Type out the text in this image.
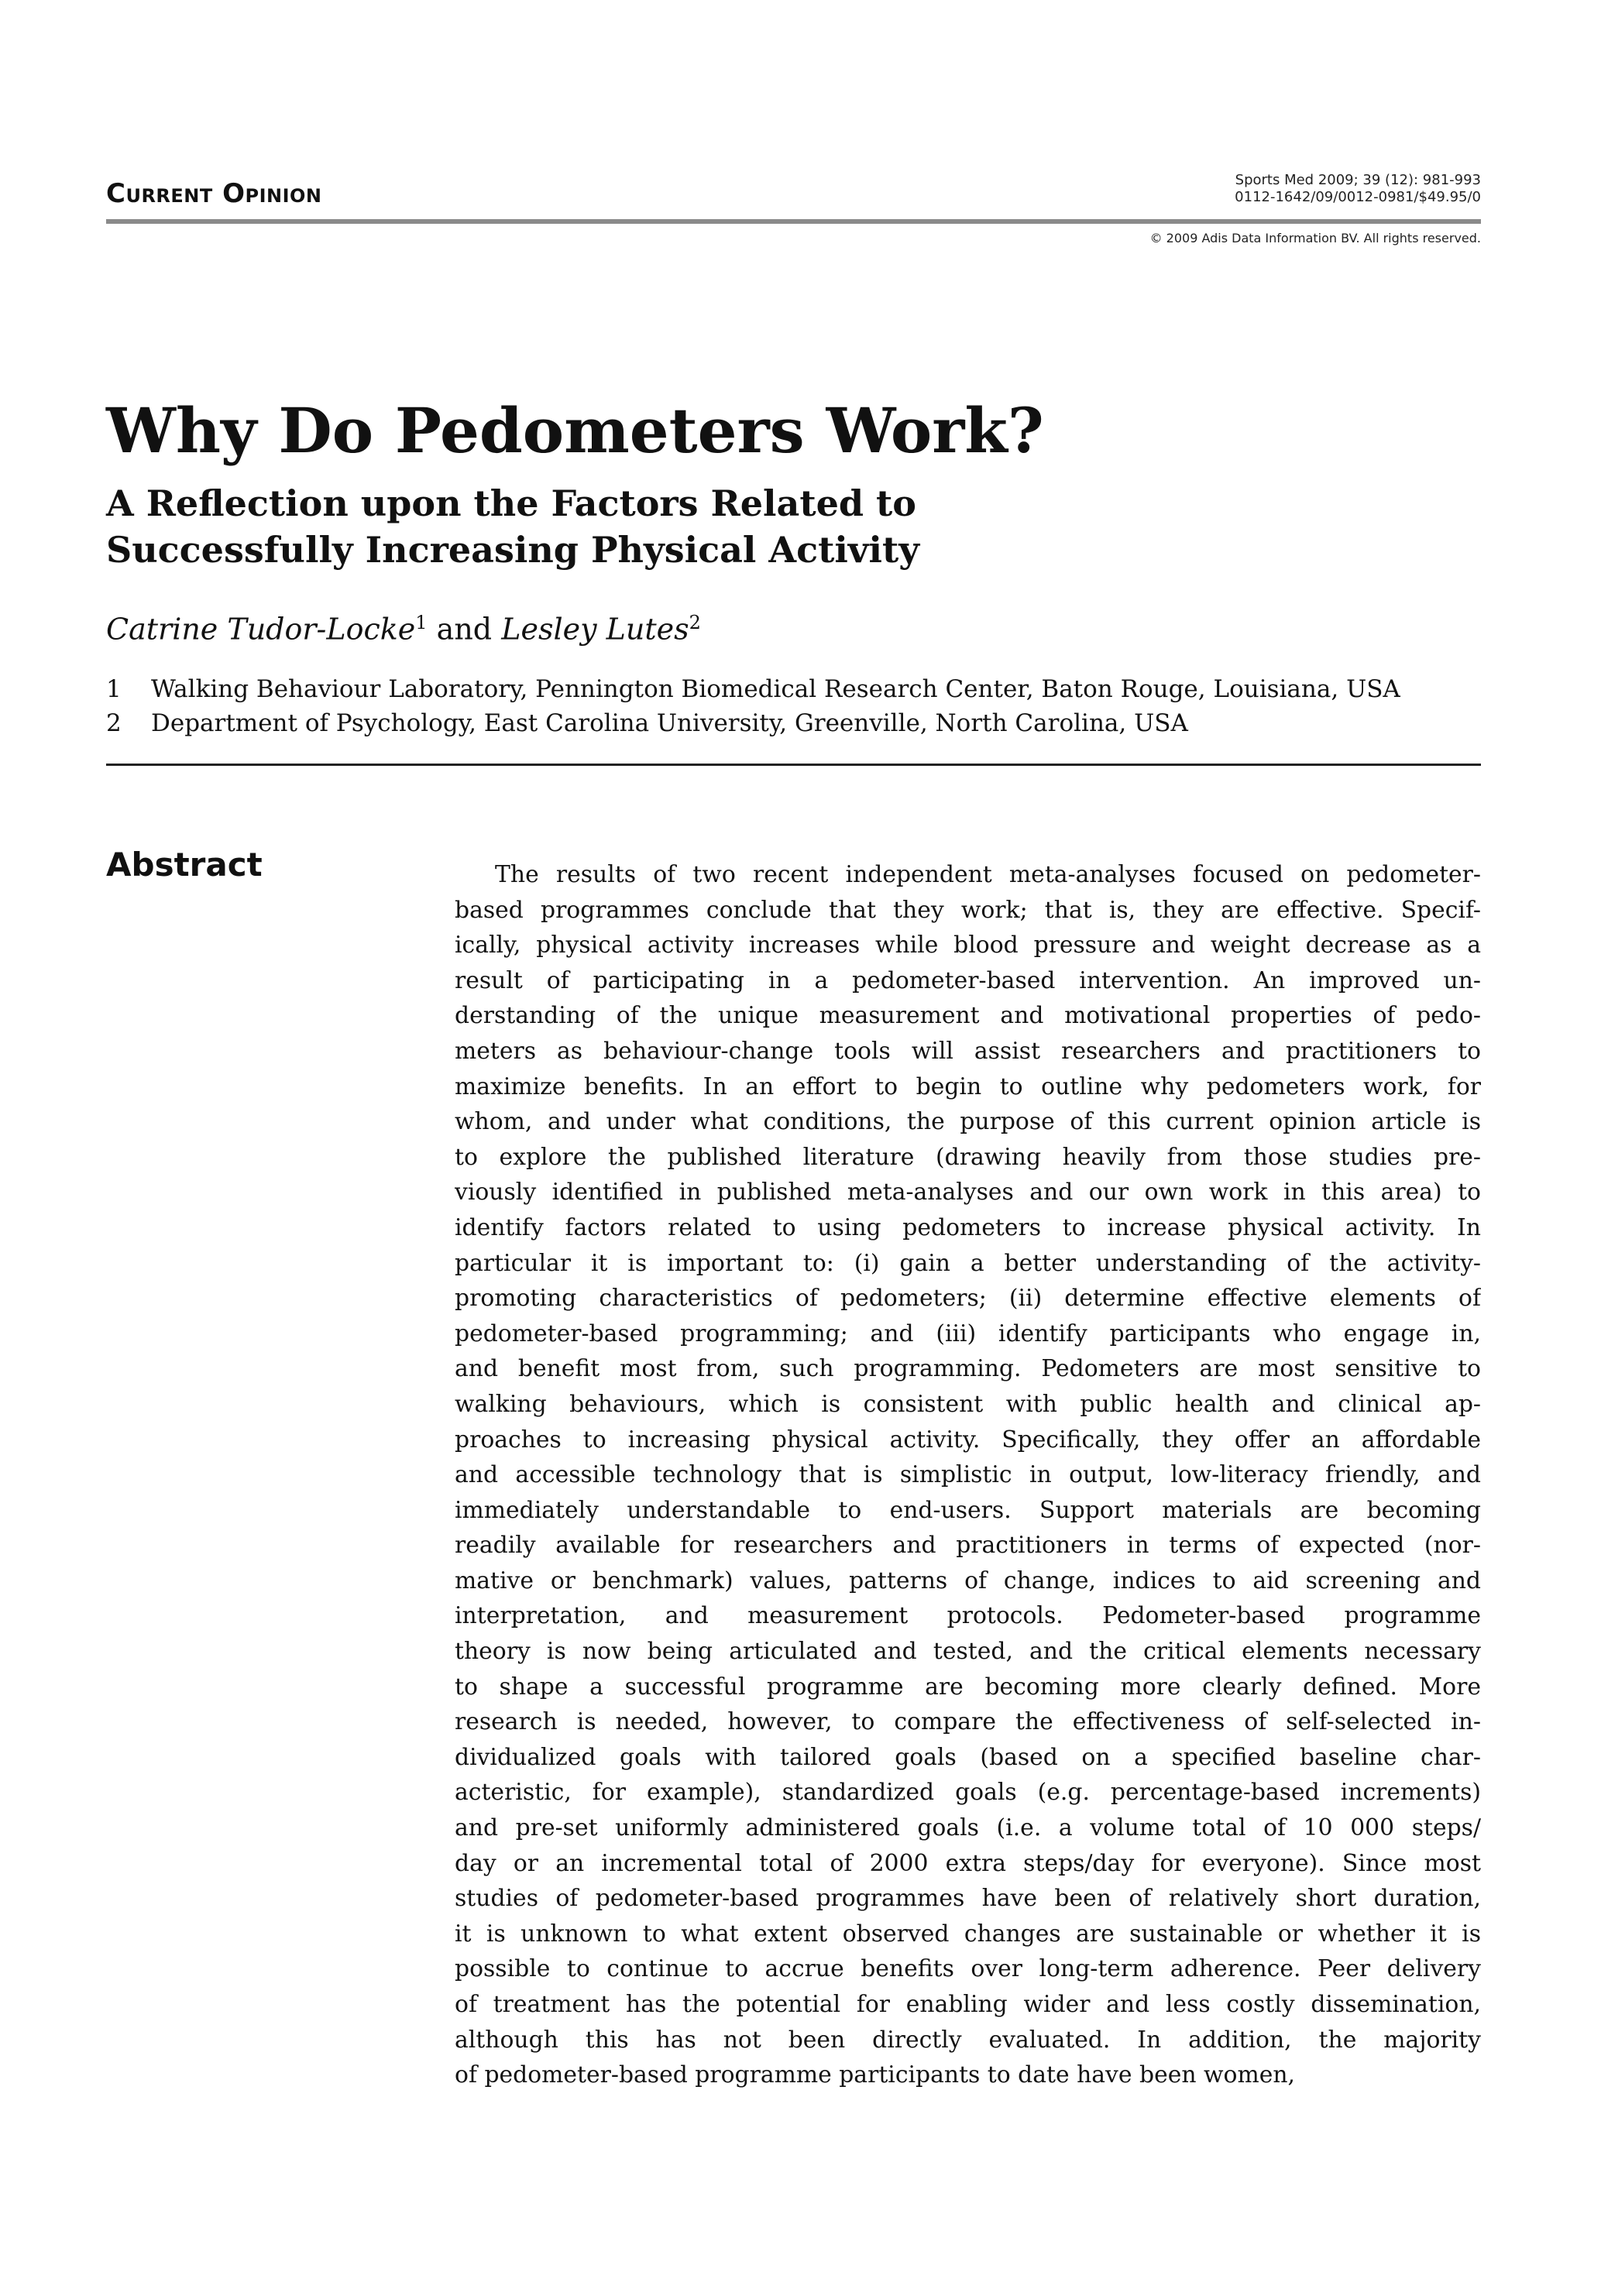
Current Opinion	Sports Med 2009; 39 (12): 981-993
0112-1642/09/0012-0981/$49.95/0
© 2009 Adis Data Information BV. All rights reserved.
Why Do Pedometers Work?
A Reflection upon the Factors Related to
Successfully Increasing Physical Activity
Catrine Tudor-Locke$^1$ and Lesley Lutes$^2$
1	Walking Behaviour Laboratory, Pennington Biomedical Research Center, Baton Rouge, Louisiana, USA
2	Department of Psychology, East Carolina University, Greenville, North Carolina, USA
Abstract	The results of two recent independent meta-analyses focused on pedometer-
based programmes conclude that they work; that is, they are effective. Specif-
ically, physical activity increases while blood pressure and weight decrease as a
result of participating in a pedometer-based intervention. An improved un-
derstanding of the unique measurement and motivational properties of pedo-
meters as behaviour-change tools will assist researchers and practitioners to
maximize benefits. In an effort to begin to outline why pedometers work, for
whom, and under what conditions, the purpose of this current opinion article is
to explore the published literature (drawing heavily from those studies pre-
viously identified in published meta-analyses and our own work in this area) to
identify factors related to using pedometers to increase physical activity. In
particular it is important to: (i) gain a better understanding of the activity-
promoting characteristics of pedometers; (ii) determine effective elements of
pedometer-based programming; and (iii) identify participants who engage in,
and benefit most from, such programming. Pedometers are most sensitive to
walking behaviours, which is consistent with public health and clinical ap-
proaches to increasing physical activity. Specifically, they offer an affordable
and accessible technology that is simplistic in output, low-literacy friendly, and
immediately understandable to end-users. Support materials are becoming
readily available for researchers and practitioners in terms of expected (nor-
mative or benchmark) values, patterns of change, indices to aid screening and
interpretation, and measurement protocols. Pedometer-based programme
theory is now being articulated and tested, and the critical elements necessary
to shape a successful programme are becoming more clearly defined. More
research is needed, however, to compare the effectiveness of self-selected in-
dividualized goals with tailored goals (based on a specified baseline char-
acteristic, for example), standardized goals (e.g. percentage-based increments)
and pre-set uniformly administered goals (i.e. a volume total of 10 000 steps/
day or an incremental total of 2000 extra steps/day for everyone). Since most
studies of pedometer-based programmes have been of relatively short duration,
it is unknown to what extent observed changes are sustainable or whether it is
possible to continue to accrue benefits over long-term adherence. Peer delivery
of treatment has the potential for enabling wider and less costly dissemination,
although this has not been directly evaluated. In addition, the majority
of pedometer-based programme participants to date have been women,
